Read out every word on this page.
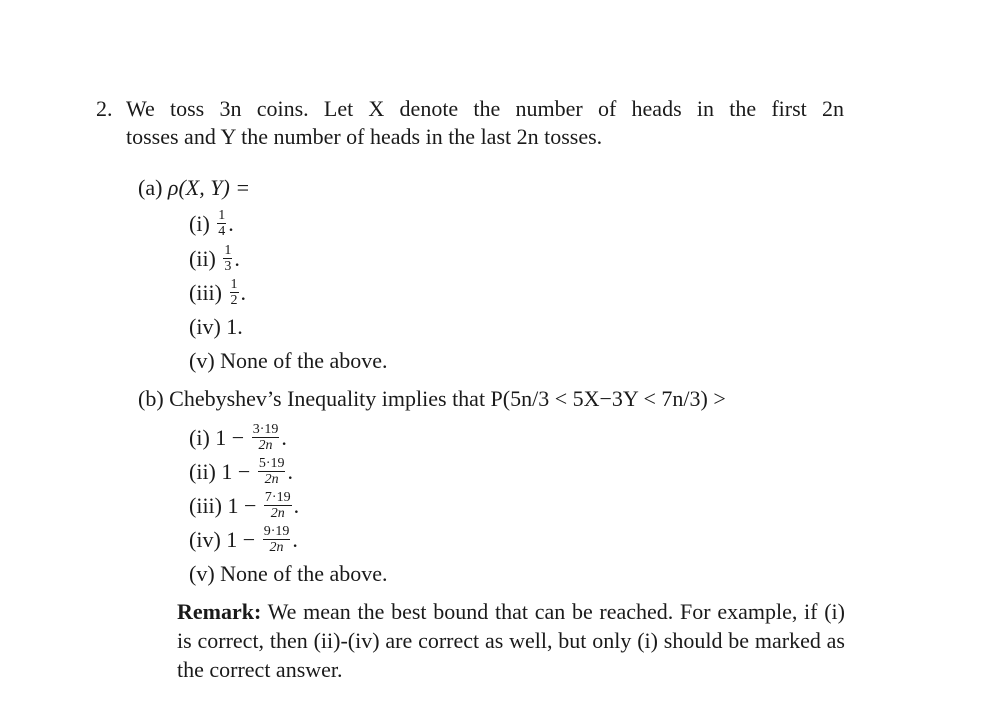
2. We toss 3n coins. Let X denote the number of heads in the first 2n
tosses and Y the number of heads in the last 2n tosses.
(a) ρ(X, Y) =
$(i) \frac{1}{4}$ .
$(ii) \frac{1}{3}$ .
$(iii) \frac{1}{2}$ .
(iv) 1.
(v) None of the above.
(b) Chebyshev’s Inequality implies that P(5n/3 < 5X−3Y < 7n/3) >
(i) $1 - \frac{3\cdot 19}{2n}$ .
(ii) $1 - \frac{5\cdot 19}{2n}$ .
(iii) $1 - \frac{7\cdot 19}{2n}$ .
(iv) $1 - \frac{9\cdot 19}{2n}$ .
(v) None of the above.
Remark: We mean the best bound that can be reached. For example, if (i) is correct, then (ii)-(iv) are correct as well, but only (i) should be marked as the correct answer.
